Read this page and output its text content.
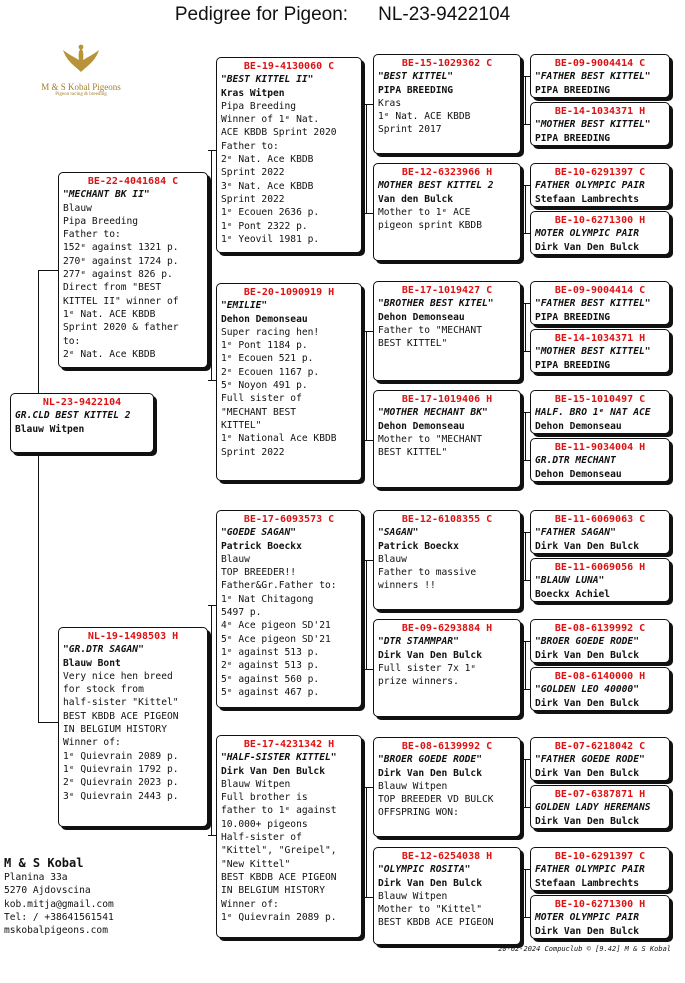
Pedigree for Pigeon: NL-23-9422104
M & S Kobal Pigeons
Pigeon racing & breeding
NL-23-9422104
GR.CLD BEST KITTEL 2
Blauw Witpen
BE-22-4041684 C
"MECHANT BK II"
Blauw
Pipa Breeding
Father to:
152ᵉ against 1321 p.
270ᵉ against 1724 p.
277ᵉ against 826 p.
Direct from "BEST
KITTEL II" winner of
1ᵉ Nat. ACE KBDB
Sprint 2020 & father
to:
2ᵉ Nat. Ace KBDB
NL-19-1498503 H
"GR.DTR SAGAN"
Blauw Bont
Very nice hen breed
for stock from
half-sister "Kittel"
BEST KBDB ACE PIGEON
IN BELGIUM HISTORY
Winner of:
1ᵉ Quievrain 2089 p.
1ᵉ Quievrain 1792 p.
2ᵉ Quievrain 2023 p.
3ᵉ Quievrain 2443 p.
BE-19-4130060 C
"BEST KITTEL II"
Kras Witpen
Pipa Breeding
Winner of 1ᵉ Nat.
ACE KBDB Sprint 2020
Father to:
2ᵉ Nat. Ace KBDB
Sprint 2022
3ᵉ Nat. Ace KBDB
Sprint 2022
1ᵉ Ecouen 2636 p.
1ᵉ Pont 2322 p.
1ᵉ Yeovil 1981 p.
BE-20-1090919 H
"EMILIE"
Dehon Demonseau
Super racing hen!
1ᵉ Pont 1184 p.
1ᵉ Ecouen 521 p.
2ᵉ Ecouen 1167 p.
5ᵉ Noyon 491 p.
Full sister of
"MECHANT BEST
KITTEL"
1ᵉ National Ace KBDB
Sprint 2022
BE-17-6093573 C
"GOEDE SAGAN"
Patrick Boeckx
Blauw
TOP BREEDER!!
Father&Gr.Father to:
1ᵉ Nat Chitagong
5497 p.
4ᵉ Ace pigeon SD'21
5ᵉ Ace pigeon SD'21
1ᵉ against 513 p.
2ᵉ against 513 p.
5ᵉ against 560 p.
5ᵉ against 467 p.
BE-17-4231342 H
"HALF-SISTER KITTEL"
Dirk Van Den Bulck
Blauw Witpen
Full brother is
father to 1ᵉ against
10.000+ pigeons
Half-sister of
"Kittel", "Greipel",
"New Kittel"
BEST KBDB ACE PIGEON
IN BELGIUM HISTORY
Winner of:
1ᵉ Quievrain 2089 p.
BE-15-1029362 C
"BEST KITTEL"
PIPA BREEDING
Kras
1ᵉ Nat. ACE KBDB
Sprint 2017
BE-12-6323966 H
MOTHER BEST KITTEL 2
Van den Bulck
Mother to 1ᵉ ACE
pigeon sprint KBDB
BE-17-1019427 C
"BROTHER BEST KITEL"
Dehon Demonseau
Father to "MECHANT
BEST KITTEL"
BE-17-1019406 H
"MOTHER MECHANT BK"
Dehon Demonseau
Mother to "MECHANT
BEST KITTEL"
BE-12-6108355 C
"SAGAN"
Patrick Boeckx
Blauw
Father to massive
winners !!
BE-09-6293884 H
"DTR STAMMPAR"
Dirk Van Den Bulck
Full sister 7x 1ᵉ
prize winners.
BE-08-6139992 C
"BROER GOEDE RODE"
Dirk Van Den Bulck
Blauw Witpen
TOP BREEDER VD BULCK
OFFSPRING WON:
BE-12-6254038 H
"OLYMPIC ROSITA"
Dirk Van Den Bulck
Blauw Witpen
Mother to "Kittel"
BEST KBDB ACE PIGEON
BE-09-9004414 C
"FATHER BEST KITTEL"
PIPA BREEDING
BE-14-1034371 H
"MOTHER BEST KITTEL"
PIPA BREEDING
BE-10-6291397 C
FATHER OLYMPIC PAIR
Stefaan Lambrechts
BE-10-6271300 H
MOTER OLYMPIC PAIR
Dirk Van Den Bulck
BE-09-9004414 C
"FATHER BEST KITTEL"
PIPA BREEDING
BE-14-1034371 H
"MOTHER BEST KITTEL"
PIPA BREEDING
BE-15-1010497 C
HALF. BRO 1ᵉ NAT ACE
Dehon Demonseau
BE-11-9034004 H
GR.DTR MECHANT
Dehon Demonseau
BE-11-6069063 C
"FATHER SAGAN"
Dirk Van Den Bulck
BE-11-6069056 H
"BLAUW LUNA"
Boeckx Achiel
BE-08-6139992 C
"BROER GOEDE RODE"
Dirk Van Den Bulck
BE-08-6140000 H
"GOLDEN LEO 40000"
Dirk Van Den Bulck
BE-07-6218042 C
"FATHER GOEDE RODE"
Dirk Van Den Bulck
BE-07-6387871 H
GOLDEN LADY HEREMANS
Dirk Van Den Bulck
BE-10-6291397 C
FATHER OLYMPIC PAIR
Stefaan Lambrechts
BE-10-6271300 H
MOTER OLYMPIC PAIR
Dirk Van Den Bulck
M & S Kobal
Planina 33a
5270 Ajdovscina
kob.mitja@gmail.com
Tel: / +38641561541
mskobalpigeons.com
20-02-2024 Compuclub © [9.42] M & S Kobal
